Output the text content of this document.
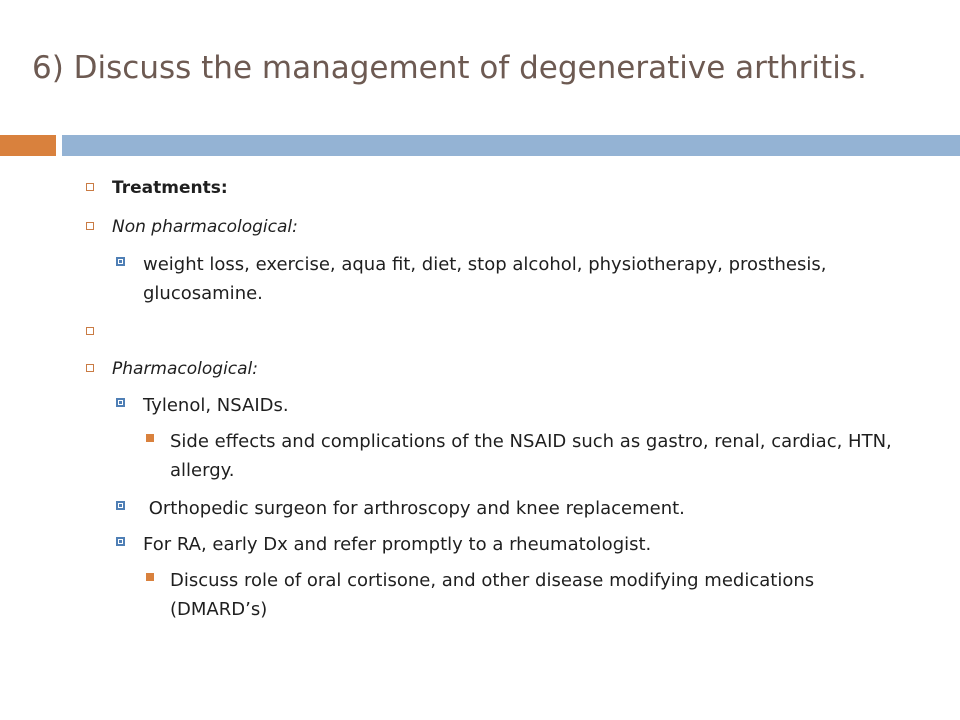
6) Discuss the management of degenerative arthritis.
Treatments:
Non pharmacological:
weight loss, exercise, aqua fit, diet, stop alcohol, physiotherapy, prosthesis, glucosamine.
Pharmacological:
Tylenol, NSAIDs.
Side effects and complications of the NSAID such as gastro, renal, cardiac, HTN, allergy.
Orthopedic surgeon for arthroscopy and knee replacement.
For RA, early Dx and refer promptly to a rheumatologist.
Discuss role of oral cortisone, and other disease modifying medications (DMARD’s)
